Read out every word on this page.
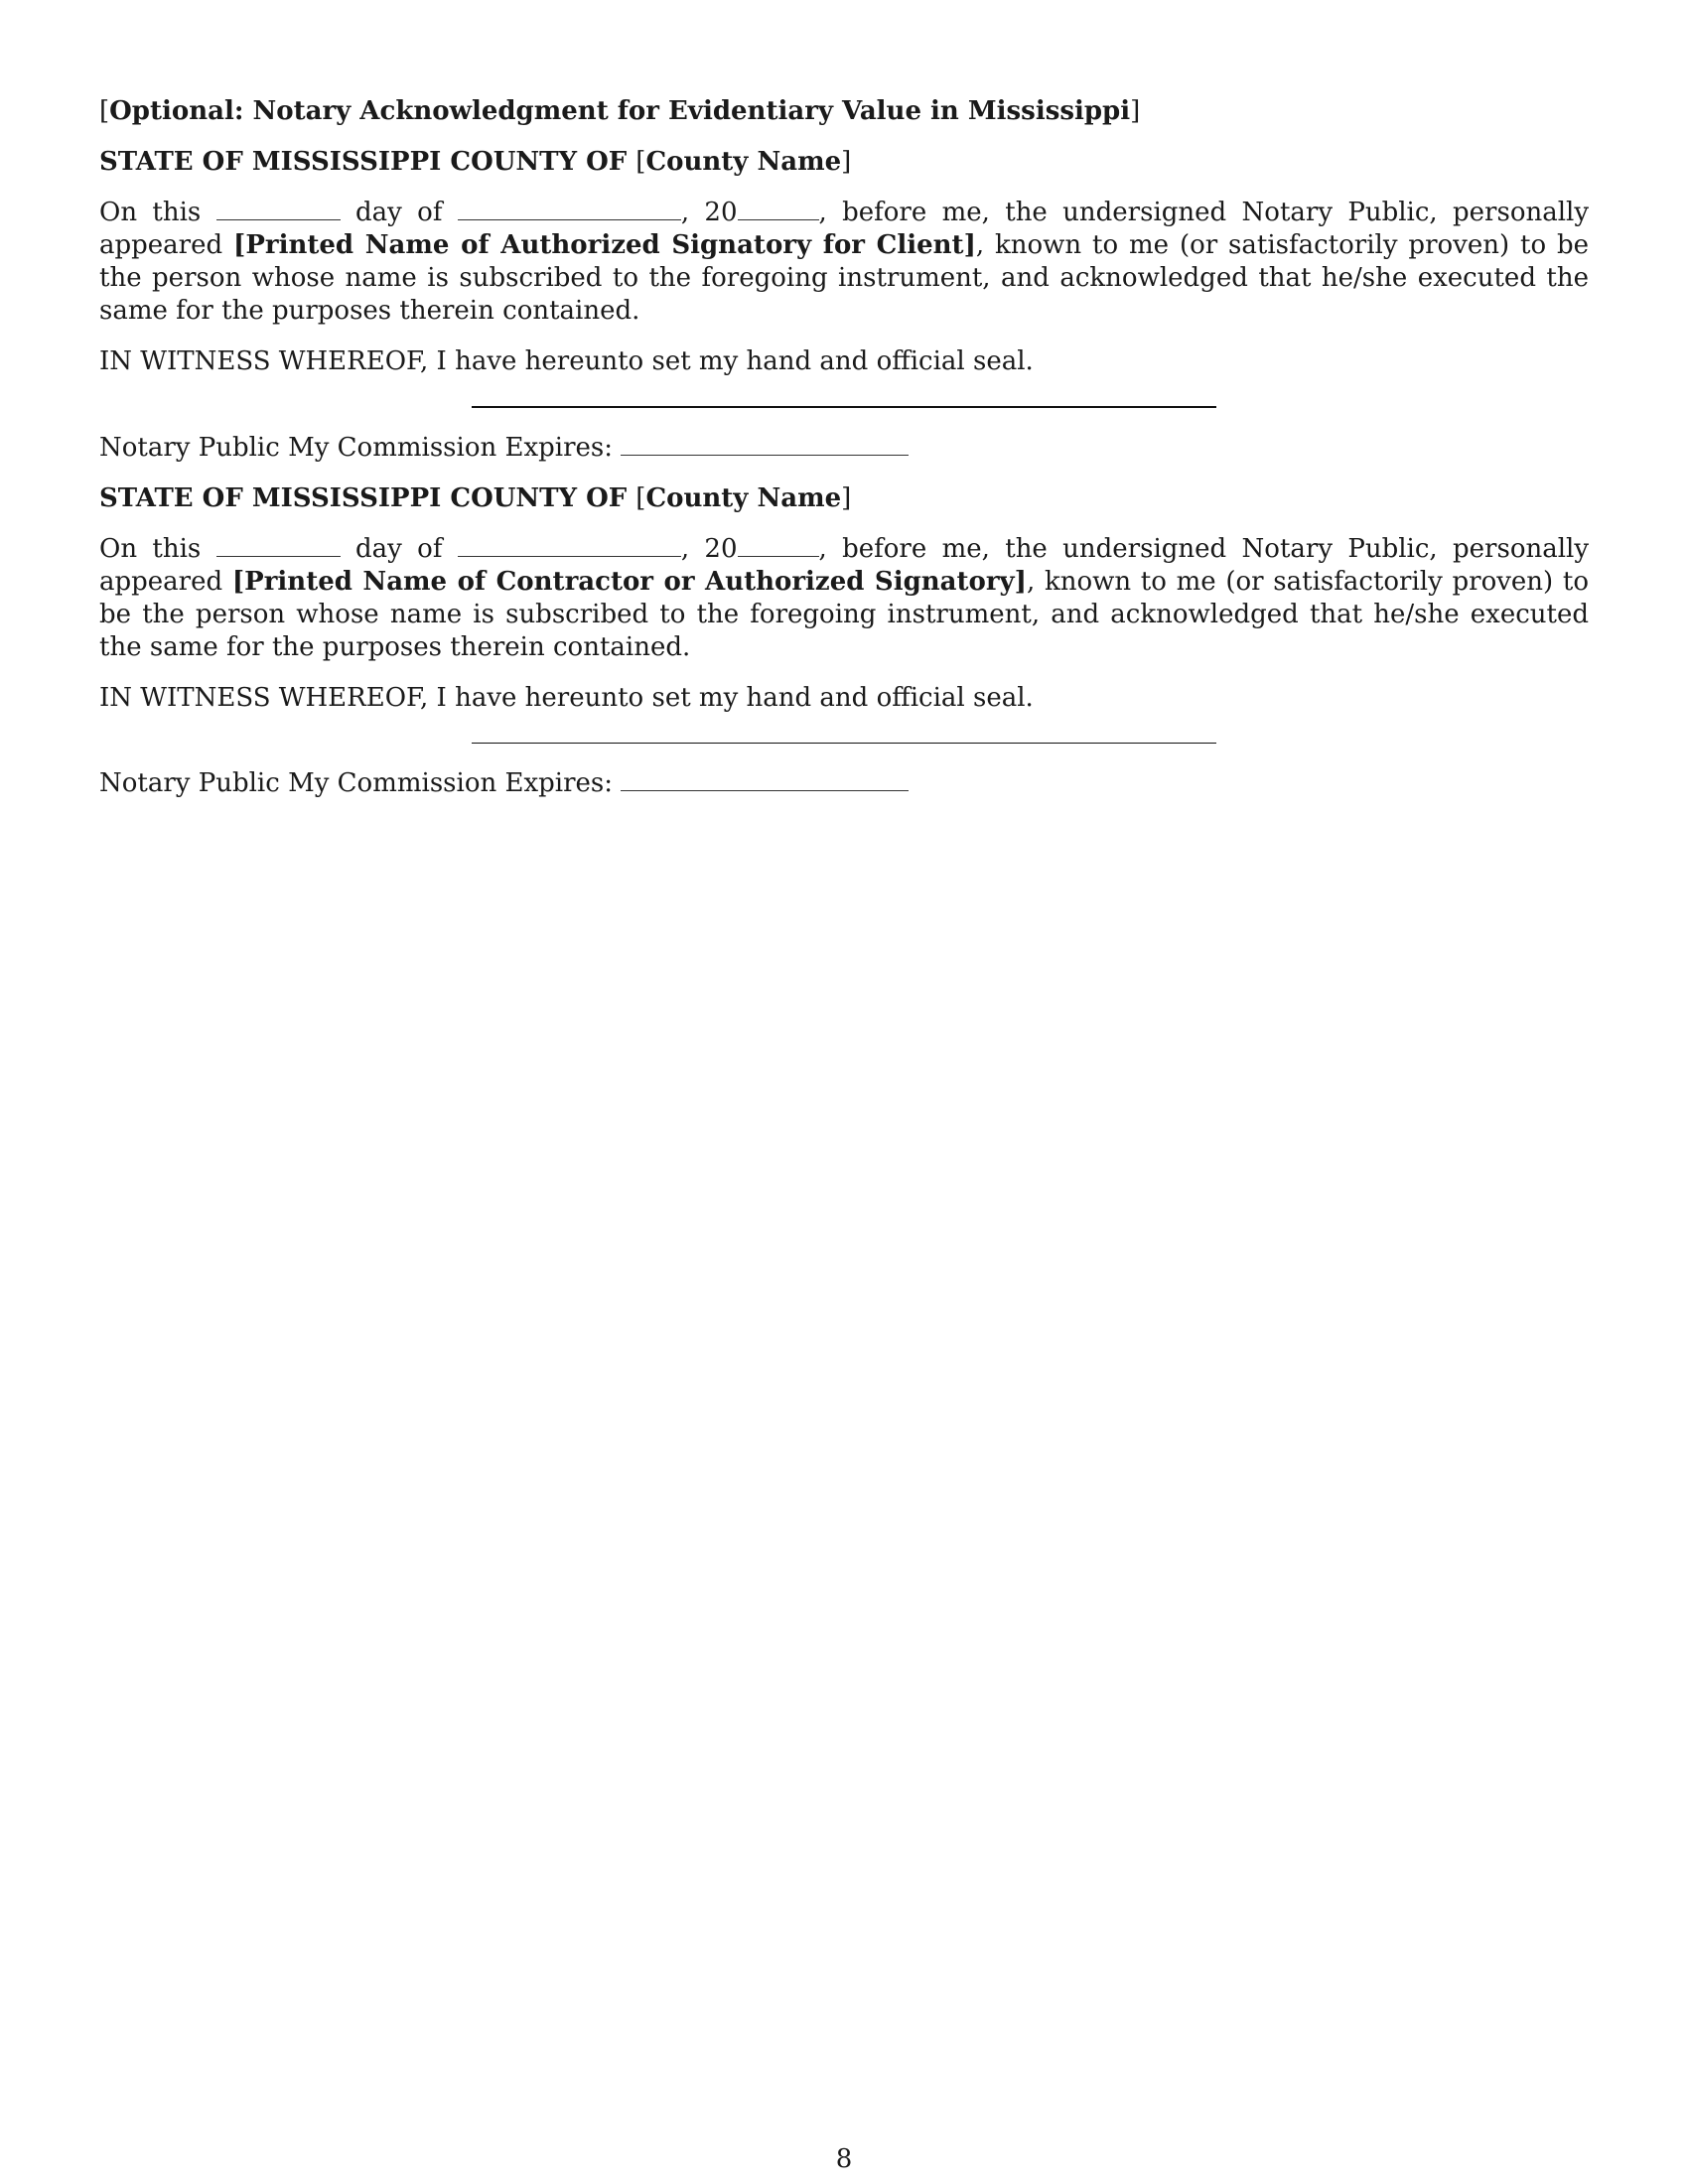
[Optional: Notary Acknowledgment for Evidentiary Value in Mississippi]
STATE OF MISSISSIPPI COUNTY OF [County Name]
On this	day of	, 20	, before me, the undersigned Notary Public, personally appeared [Printed Name of Authorized Signatory for Client], known to me (or satisfactorily proven) to be the person whose name is subscribed to the foregoing instrument, and acknowledged that he/she executed the same for the purposes therein contained.
IN WITNESS WHEREOF, I have hereunto set my hand and official seal.
Notary Public My Commission Expires:
STATE OF MISSISSIPPI COUNTY OF [County Name]
On this	day of	, 20	, before me, the undersigned Notary Public, personally appeared [Printed Name of Contractor or Authorized Signatory], known to me (or satisfactorily proven) to be the person whose name is subscribed to the foregoing instrument, and acknowledged that he/she executed the same for the purposes therein contained.
IN WITNESS WHEREOF, I have hereunto set my hand and official seal.
Notary Public My Commission Expires:
8
